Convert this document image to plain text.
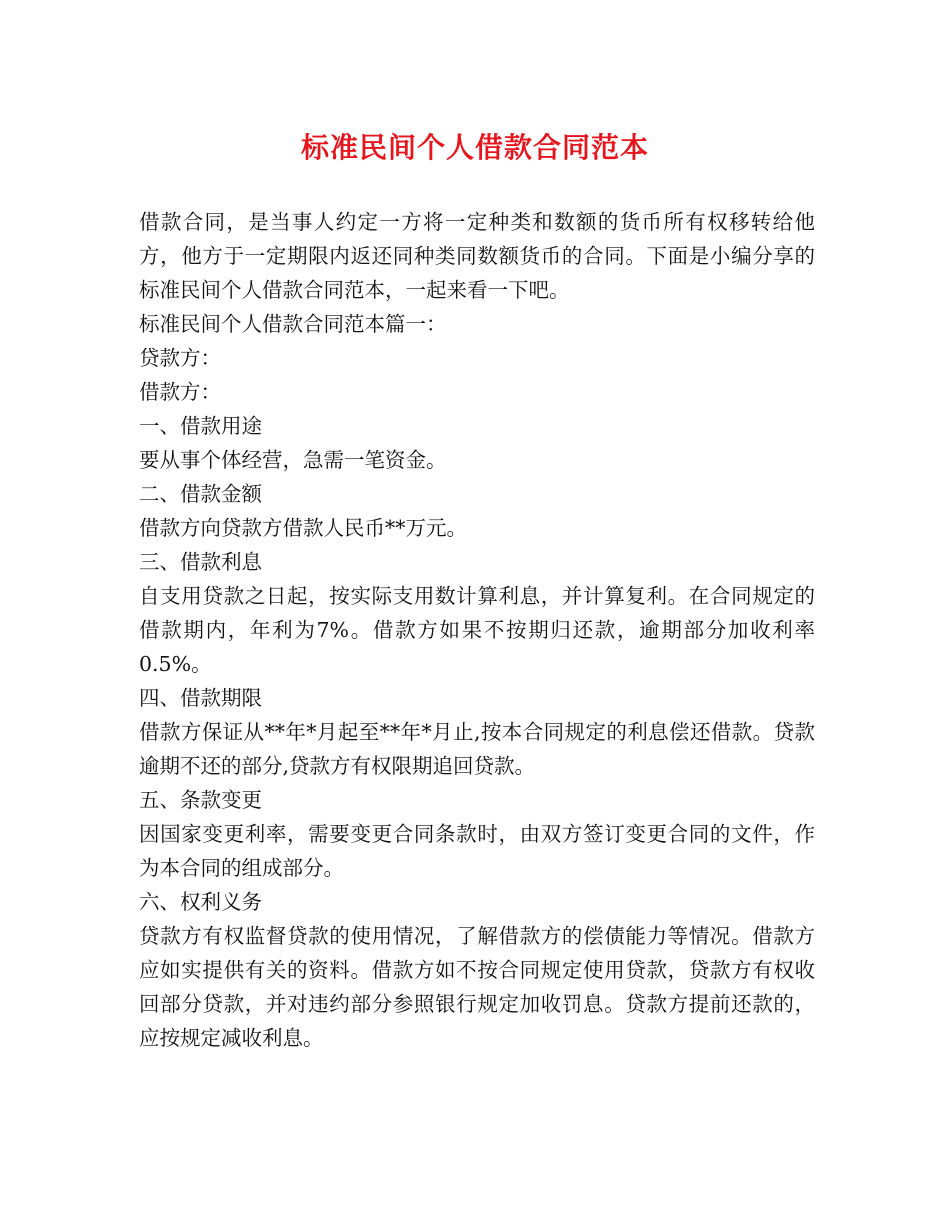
标准民间个人借款合同范本

借款合同，是当事人约定一方将一定种类和数额的货币所有权移转给他方，他方于一定期限内返还同种类同数额货币的合同。下面是小编分享的标准民间个人借款合同范本，一起来看一下吧。

标准民间个人借款合同范本篇一：

贷款方：

借款方：

一、借款用途

要从事个体经营，急需一笔资金。

二、借款金额

借款方向贷款方借款人民币**万元。

三、借款利息

自支用贷款之日起，按实际支用数计算利息，并计算复利。在合同规定的借款期内，年利为7%。借款方如果不按期归还款，逾期部分加收利率0.5%。

四、借款期限

借款方保证从**年*月起至**年*月止,按本合同规定的利息偿还借款。贷款逾期不还的部分,贷款方有权限期追回贷款。

五、条款变更

因国家变更利率，需要变更合同条款时，由双方签订变更合同的文件，作为本合同的组成部分。

六、权利义务

贷款方有权监督贷款的使用情况，了解借款方的偿债能力等情况。借款方应如实提供有关的资料。借款方如不按合同规定使用贷款，贷款方有权收回部分贷款，并对违约部分参照银行规定加收罚息。贷款方提前还款的，应按规定减收利息。
